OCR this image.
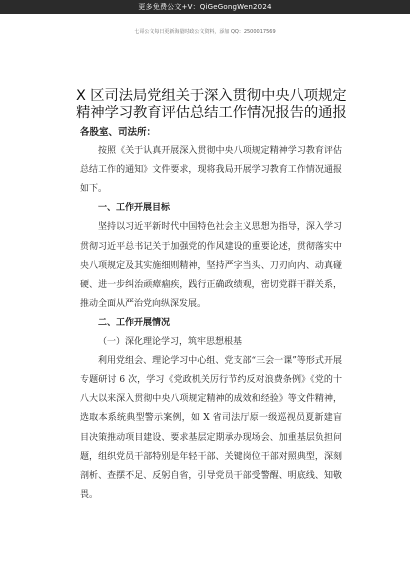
更多免费公文+V：QiGeGongWen2024
七哥公文每日更新海量时政公文资料，添加 QQ：2500017569
X 区司法局党组关于深入贯彻中央八项规定精神学习教育评估总结工作情况报告的通报

各股室、司法所：

按照《关于认真开展深入贯彻中央八项规定精神学习教育评估总结工作的通知》文件要求，现将我局开展学习教育工作情况通报如下。

一、工作开展目标

坚持以习近平新时代中国特色社会主义思想为指导，深入学习贯彻习近平总书记关于加强党的作风建设的重要论述，贯彻落实中央八项规定及其实施细则精神，坚持严字当头、刀刃向内、动真碰硬、进一步纠治顽瘴痼疾，践行正确政绩观，密切党群干群关系，推动全面从严治党向纵深发展。

二、工作开展情况

（一）深化理论学习，筑牢思想根基

利用党组会、理论学习中心组、党支部“三会一课”等形式开展专题研讨 6 次，学习《党政机关厉行节约反对浪费条例》《党的十八大以来深入贯彻中央八项规定精神的成效和经验》等文件精神，选取本系统典型警示案例，如 X 省司法厅原一级巡视员夏新建盲目决策推动项目建设、要求基层定期承办现场会、加重基层负担问题，组织党员干部特别是年轻干部、关键岗位干部对照典型，深刻剖析、查摆不足、反躬自省，引导党员干部受警醒、明底线、知敬畏。
